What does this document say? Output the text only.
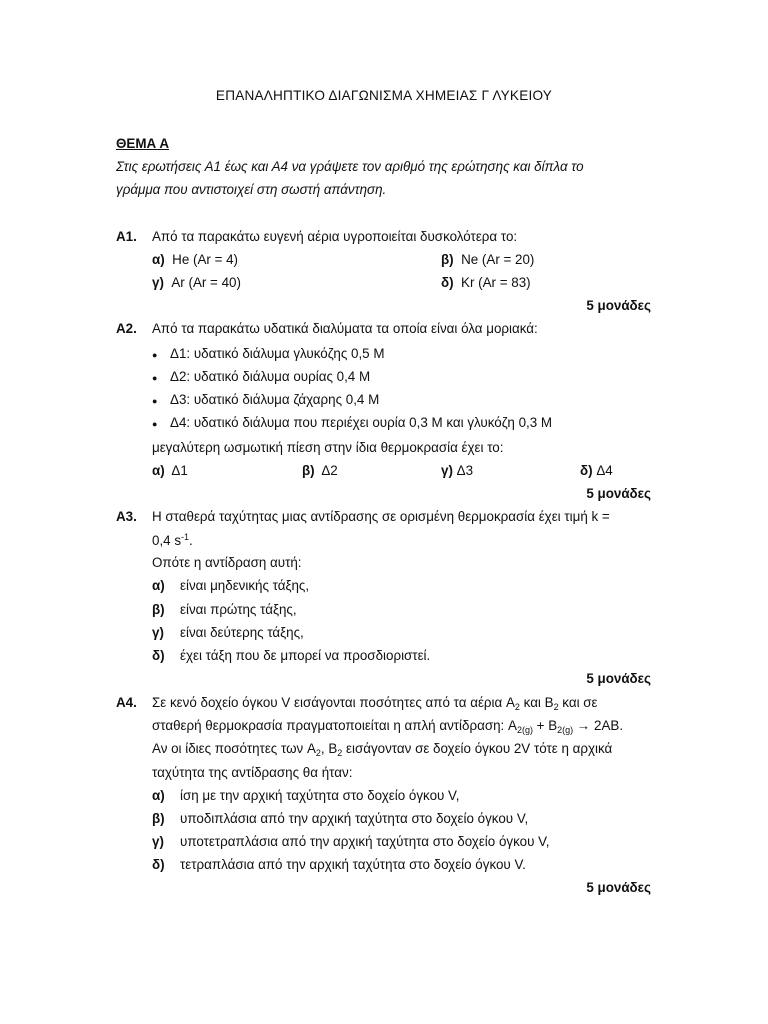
ΕΠΑΝΑΛΗΠΤΙΚΟ ΔΙΑΓΩΝΙΣΜΑ ΧΗΜΕΙΑΣ Γ ΛΥΚΕΙΟΥ
ΘΕΜΑ Α
Στις ερωτήσεις Α1 έως και Α4 να γράψετε τον αριθμό της ερώτησης και δίπλα το
γράμμα που αντιστοιχεί στη σωστή απάντηση.
Α1. Από τα παρακάτω ευγενή αέρια υγροποιείται δυσκολότερα το:
α) He (Ar = 4)	β) Ne (Ar = 20)
γ) Ar (Ar = 40)	δ) Kr (Ar = 83)
5 μονάδες
Α2. Από τα παρακάτω υδατικά διαλύματα τα οποία είναι όλα μοριακά:
● Δ1: υδατικό διάλυμα γλυκόζης 0,5 M
● Δ2: υδατικό διάλυμα ουρίας 0,4 M
● Δ3: υδατικό διάλυμα ζάχαρης 0,4 M
● Δ4: υδατικό διάλυμα που περιέχει ουρία 0,3 M και γλυκόζη 0,3 M
μεγαλύτερη ωσμωτική πίεση στην ίδια θερμοκρασία έχει το:
α) Δ1	β) Δ2	γ) Δ3	δ) Δ4
5 μονάδες
Α3. Η σταθερά ταχύτητας μιας αντίδρασης σε ορισμένη θερμοκρασία έχει τιμή k =
0,4 $s^{-1}$.
Οπότε η αντίδραση αυτή:
α) είναι μηδενικής τάξης,
β) είναι πρώτης τάξης,
γ) είναι δεύτερης τάξης,
δ) έχει τάξη που δε μπορεί να προσδιοριστεί.
5 μονάδες
Α4. Σε κενό δοχείο όγκου V εισάγονται ποσότητες από τα αέρια $A_2$ και $B_2$ και σε
σταθερή θερμοκρασία πραγματοποιείται η απλή αντίδραση: $A_{2(g)} + B_{2(g)} \to 2AB$.
Αν οι ίδιες ποσότητες των $A_2$, $B_2$ εισάγονταν σε δοχείο όγκου 2V τότε η αρχικά
ταχύτητα της αντίδρασης θα ήταν:
α) ίση με την αρχική ταχύτητα στο δοχείο όγκου V,
β) υποδιπλάσια από την αρχική ταχύτητα στο δοχείο όγκου V,
γ) υποτετραπλάσια από την αρχική ταχύτητα στο δοχείο όγκου V,
δ) τετραπλάσια από την αρχική ταχύτητα στο δοχείο όγκου V.
5 μονάδες
